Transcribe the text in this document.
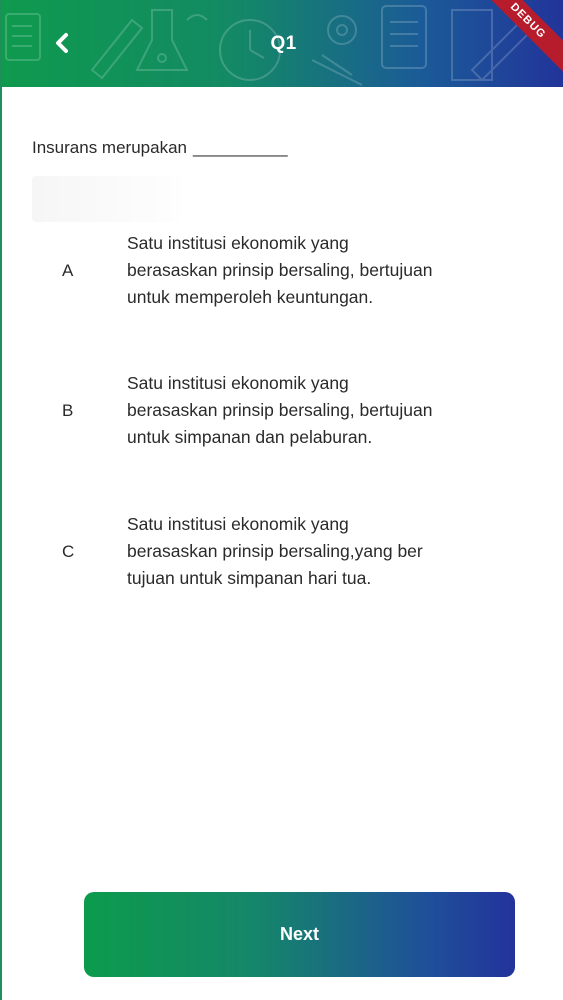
Q1
DEBUG
Insurans merupakan __________
A
Satu institusi ekonomik yang
berasaskan prinsip bersaling, bertujuan
untuk memperoleh keuntungan.
B
Satu institusi ekonomik yang
berasaskan prinsip bersaling, bertujuan
untuk simpanan dan pelaburan.
C
Satu institusi ekonomik yang
berasaskan prinsip bersaling,yang ber
tujuan untuk simpanan hari tua.
Next
